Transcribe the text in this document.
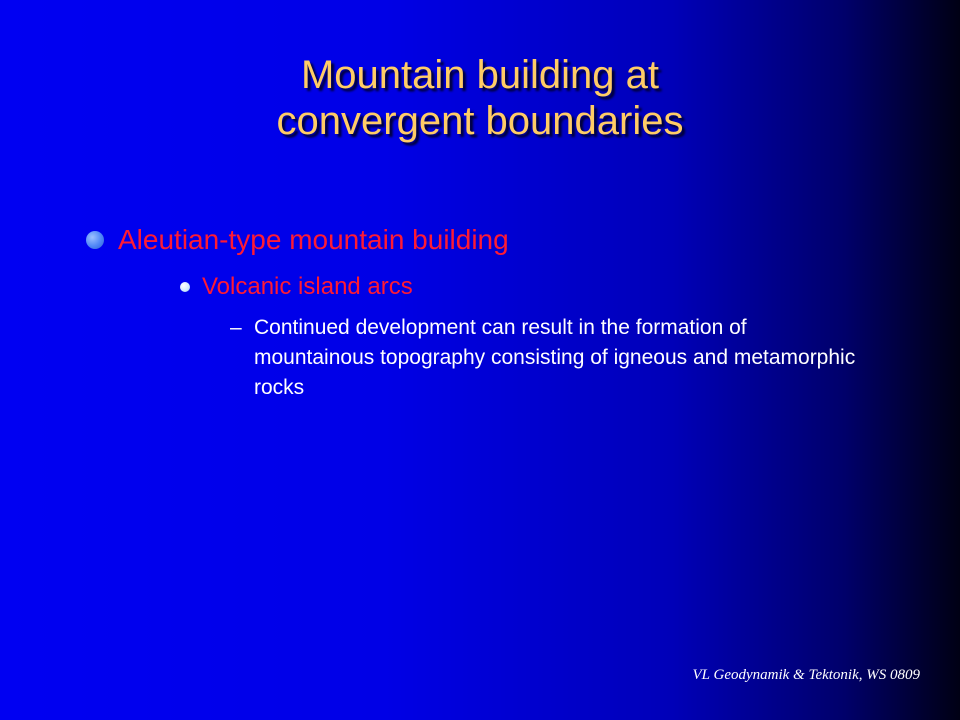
Mountain building at
convergent boundaries
Aleutian-type mountain building
Volcanic island arcs
– Continued development can result in the formation of mountainous topography consisting of igneous and metamorphic rocks
VL Geodynamik & Tektonik, WS 0809
